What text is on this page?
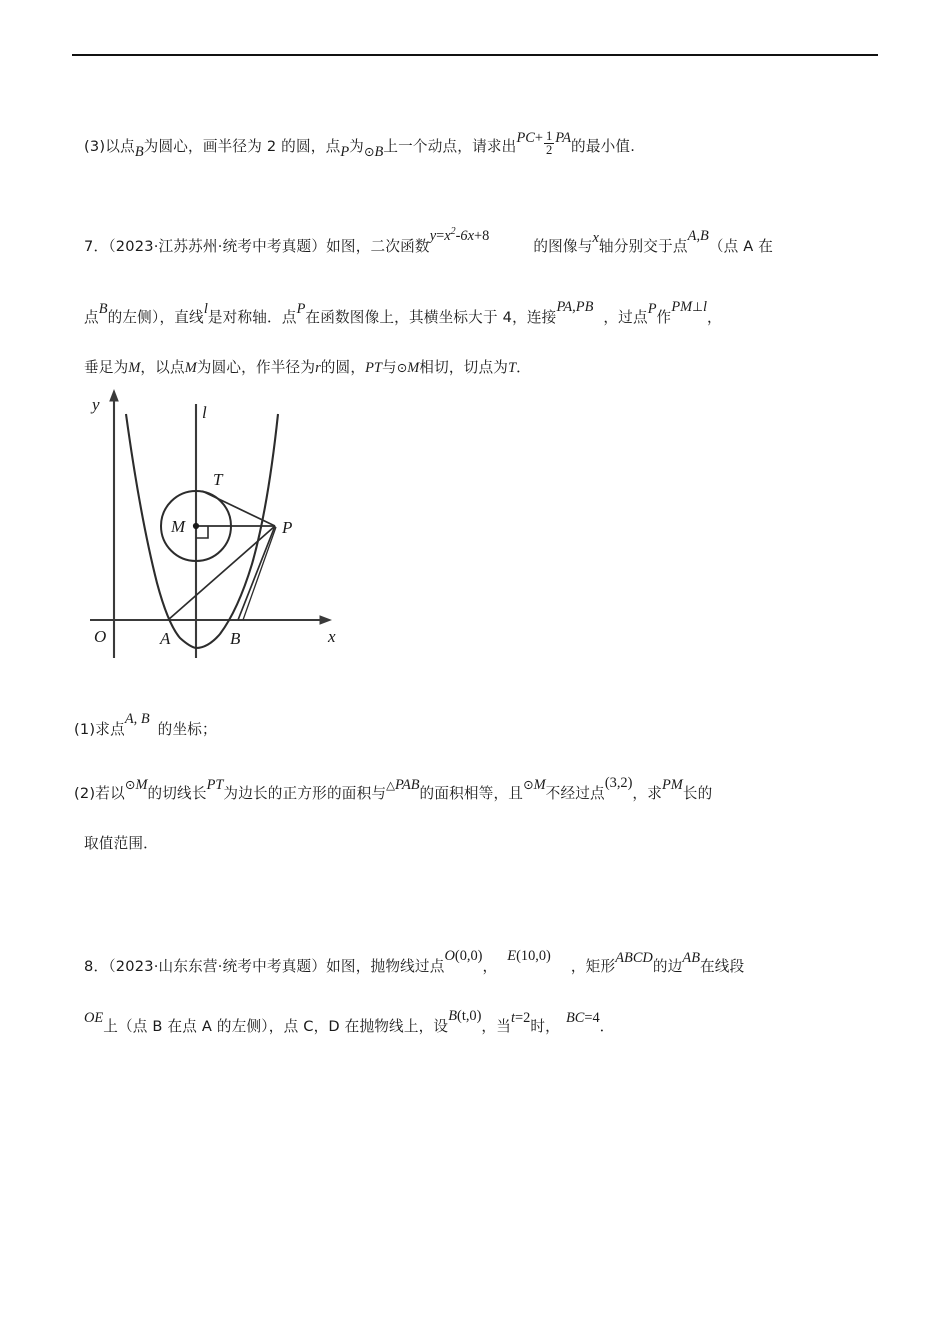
(3)以点B为圆心，画半径为 2 的圆，点P为$_⊙$B上一个动点，请求出$PC+ \frac{1}{2}$ PA的最小值.
7．（2023·江苏苏州·统考中考真题）如图，二次函数$y=x^2-6x+8$的图像与x轴分别交于点A,B（点 A 在
点B的左侧），直线l是对称轴．点P在函数图像上，其横坐标大于 4，连接PA,PB，过点P作PM⊥l，
垂足为M，以点M为圆心，作半径为r的圆，PT与⊙M相切，切点为T．
y
x
O
l
A	B
M
T
P
(1)求点A, B的坐标；
(2)若以⊙M的切线长PT为边长的正方形的面积与△PAB的面积相等，且⊙M不经过点(3,2)，求PM长的
取值范围．
8．（2023·山东东营·统考中考真题）如图，抛物线过点O(0,0)，E(10,0)，矩形ABCD的边AB在线段
OE上（点 B 在点 A 的左侧），点 C，D 在抛物线上，设B(t,0)，当t=2时， BC=4．
